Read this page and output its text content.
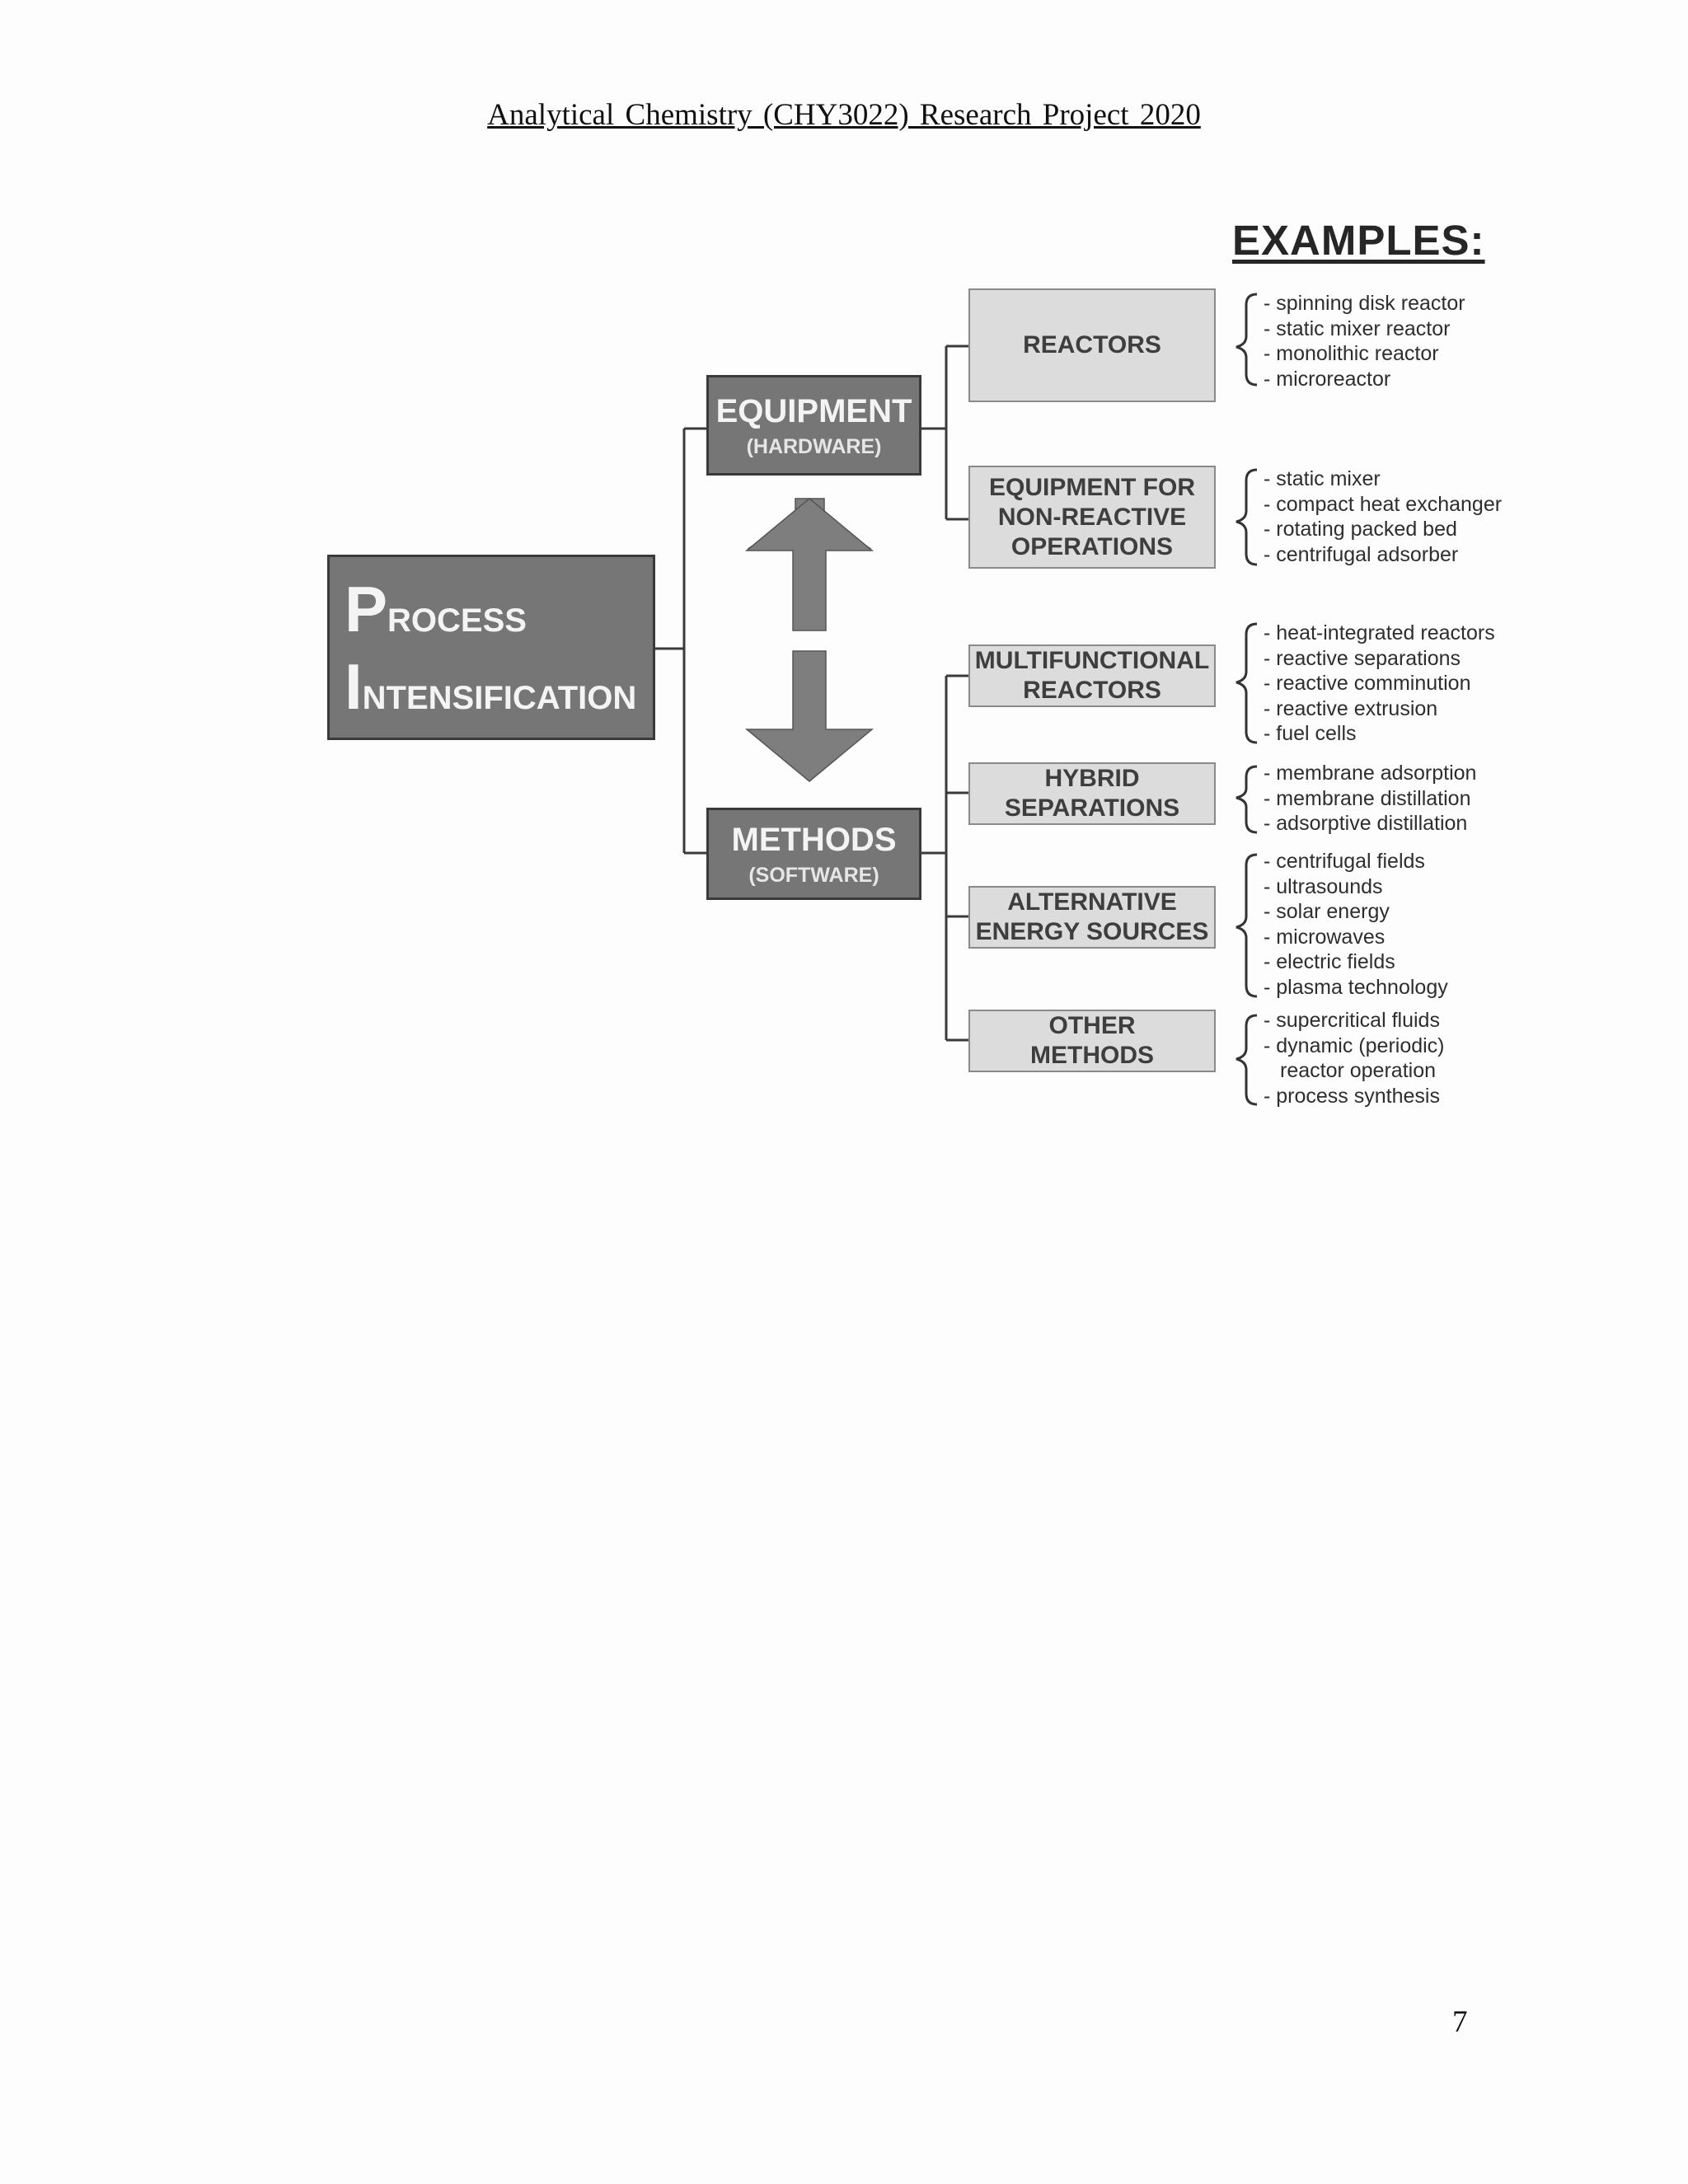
Analytical Chemistry (CHY3022) Research Project 2020
EXAMPLES:
PROCESS
INTENSIFICATION
EQUIPMENT
(HARDWARE)
METHODS
(SOFTWARE)
REACTORS
EQUIPMENT FOR
NON-REACTIVE
OPERATIONS
MULTIFUNCTIONAL
REACTORS
HYBRID
SEPARATIONS
ALTERNATIVE
ENERGY SOURCES
OTHER
METHODS
- spinning disk reactor
- static mixer reactor
- monolithic reactor
- microreactor
- static mixer
- compact heat exchanger
- rotating packed bed
- centrifugal adsorber
- heat-integrated reactors
- reactive separations
- reactive comminution
- reactive extrusion
- fuel cells
- membrane adsorption
- membrane distillation
- adsorptive distillation
- centrifugal fields
- ultrasounds
- solar energy
- microwaves
- electric fields
- plasma technology
- supercritical fluids
- dynamic (periodic)
reactor operation
- process synthesis
7
